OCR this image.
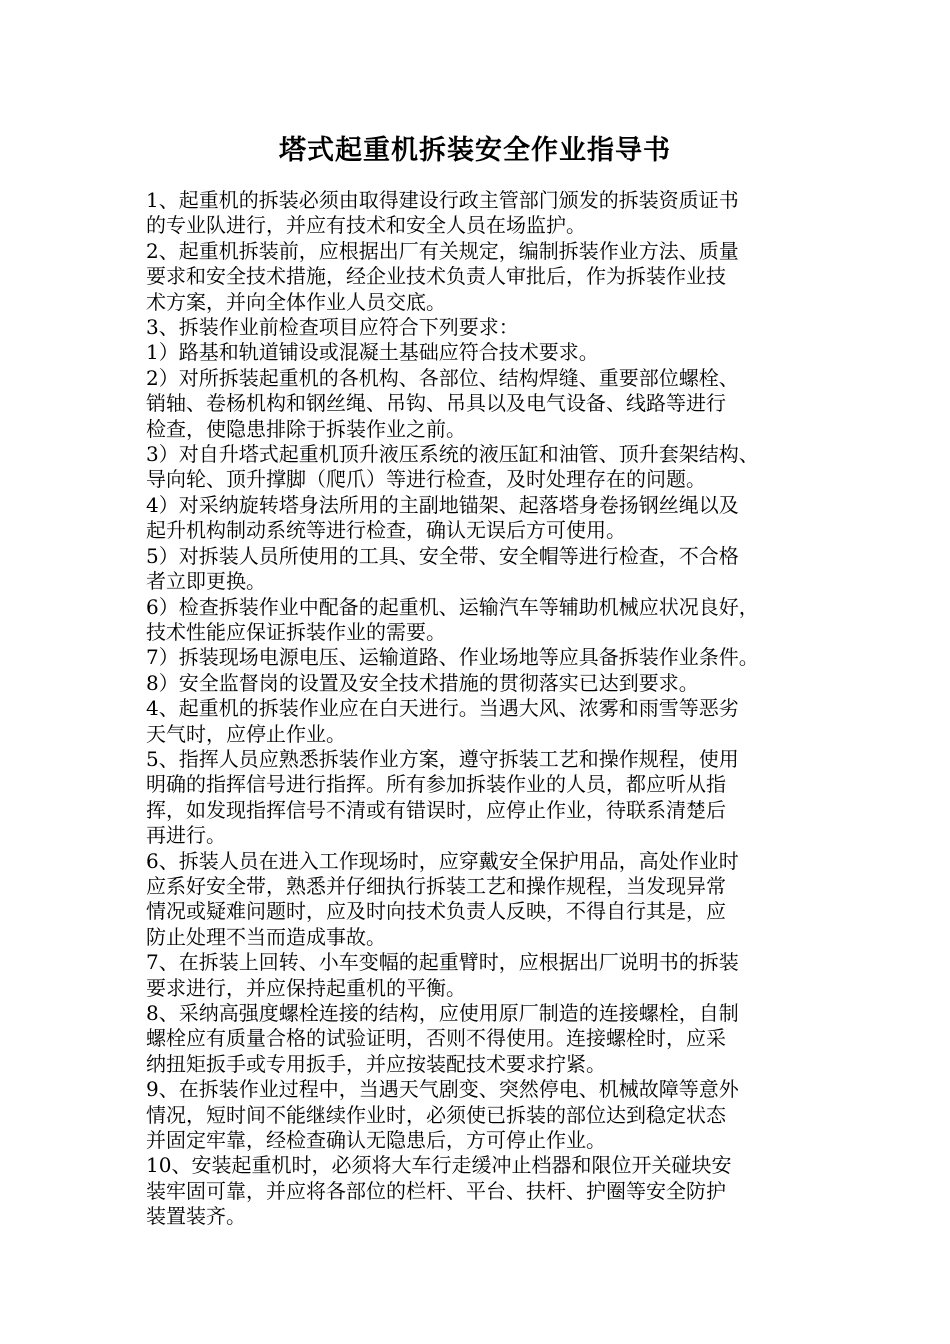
塔式起重机拆装安全作业指导书

1、起重机的拆装必须由取得建设行政主管部门颁发的拆装资质证书
的专业队进行，并应有技术和安全人员在场监护。

2、起重机拆装前，应根据出厂有关规定，编制拆装作业方法、质量
要求和安全技术措施，经企业技术负责人审批后，作为拆装作业技
术方案，并向全体作业人员交底。

3、拆装作业前检查项目应符合下列要求：

1）路基和轨道铺设或混凝土基础应符合技术要求。

2）对所拆装起重机的各机构、各部位、结构焊缝、重要部位螺栓、
销轴、卷杨机构和钢丝绳、吊钩、吊具以及电气设备、线路等进行
检查，使隐患排除于拆装作业之前。

3）对自升塔式起重机顶升液压系统的液压缸和油管、顶升套架结构、
导向轮、顶升撑脚（爬爪）等进行检查，及时处理存在的问题。

4）对采纳旋转塔身法所用的主副地锚架、起落塔身卷扬钢丝绳以及
起升机构制动系统等进行检查，确认无误后方可使用。

5）对拆装人员所使用的工具、安全带、安全帽等进行检查，不合格
者立即更换。

6）检查拆装作业中配备的起重机、运输汽车等辅助机械应状况良好，
技术性能应保证拆装作业的需要。

7）拆装现场电源电压、运输道路、作业场地等应具备拆装作业条件。

8）安全监督岗的设置及安全技术措施的贯彻落实已达到要求。

4、起重机的拆装作业应在白天进行。当遇大风、浓雾和雨雪等恶劣
天气时，应停止作业。

5、指挥人员应熟悉拆装作业方案，遵守拆装工艺和操作规程，使用
明确的指挥信号进行指挥。所有参加拆装作业的人员，都应听从指
挥，如发现指挥信号不清或有错误时，应停止作业，待联系清楚后
再进行。

6、拆装人员在进入工作现场时，应穿戴安全保护用品，高处作业时
应系好安全带，熟悉并仔细执行拆装工艺和操作规程，当发现异常
情况或疑难问题时，应及时向技术负责人反映，不得自行其是，应
防止处理不当而造成事故。

7、在拆装上回转、小车变幅的起重臂时，应根据出厂说明书的拆装
要求进行，并应保持起重机的平衡。

8、采纳高强度螺栓连接的结构，应使用原厂制造的连接螺栓，自制
螺栓应有质量合格的试验证明，否则不得使用。连接螺栓时，应采
纳扭矩扳手或专用扳手，并应按装配技术要求拧紧。

9、在拆装作业过程中，当遇天气剧变、突然停电、机械故障等意外
情况，短时间不能继续作业时，必须使已拆装的部位达到稳定状态
并固定牢靠，经检查确认无隐患后，方可停止作业。

10、安装起重机时，必须将大车行走缓冲止档器和限位开关碰块安
装牢固可靠，并应将各部位的栏杆、平台、扶杆、护圈等安全防护
装置装齐。
